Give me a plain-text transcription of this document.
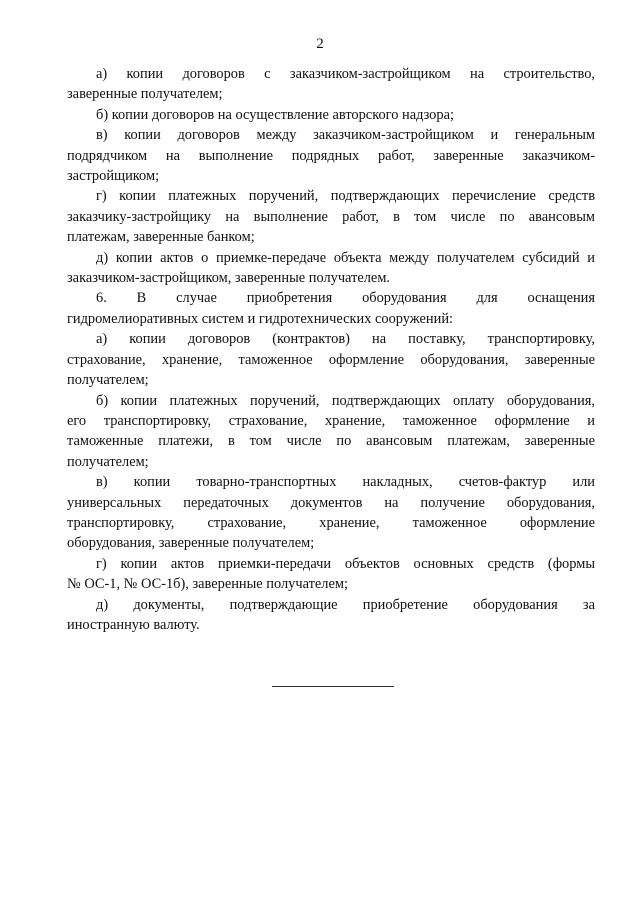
2
а) копии договоров с заказчиком-застройщиком на строительство,
заверенные получателем;
б) копии договоров на осуществление авторского надзора;
в) копии договоров между заказчиком-застройщиком и генеральным
подрядчиком на выполнение подрядных работ, заверенные заказчиком-
застройщиком;
г) копии платежных поручений, подтверждающих перечисление средств
заказчику-застройщику на выполнение работ, в том числе по авансовым
платежам, заверенные банком;
д) копии актов о приемке-передаче объекта между получателем субсидий и
заказчиком-застройщиком, заверенные получателем.
6. В случае приобретения оборудования для оснащения
гидромелиоративных систем и гидротехнических сооружений:
а) копии договоров (контрактов) на поставку, транспортировку,
страхование, хранение, таможенное оформление оборудования, заверенные
получателем;
б) копии платежных поручений, подтверждающих оплату оборудования,
его транспортировку, страхование, хранение, таможенное оформление и
таможенные платежи, в том числе по авансовым платежам, заверенные
получателем;
в) копии товарно-транспортных накладных, счетов-фактур или
универсальных передаточных документов на получение оборудования,
транспортировку, страхование, хранение, таможенное оформление
оборудования, заверенные получателем;
г) копии актов приемки-передачи объектов основных средств (формы
№ ОС-1, № ОС-1б), заверенные получателем;
д) документы, подтверждающие приобретение оборудования за
иностранную валюту.
